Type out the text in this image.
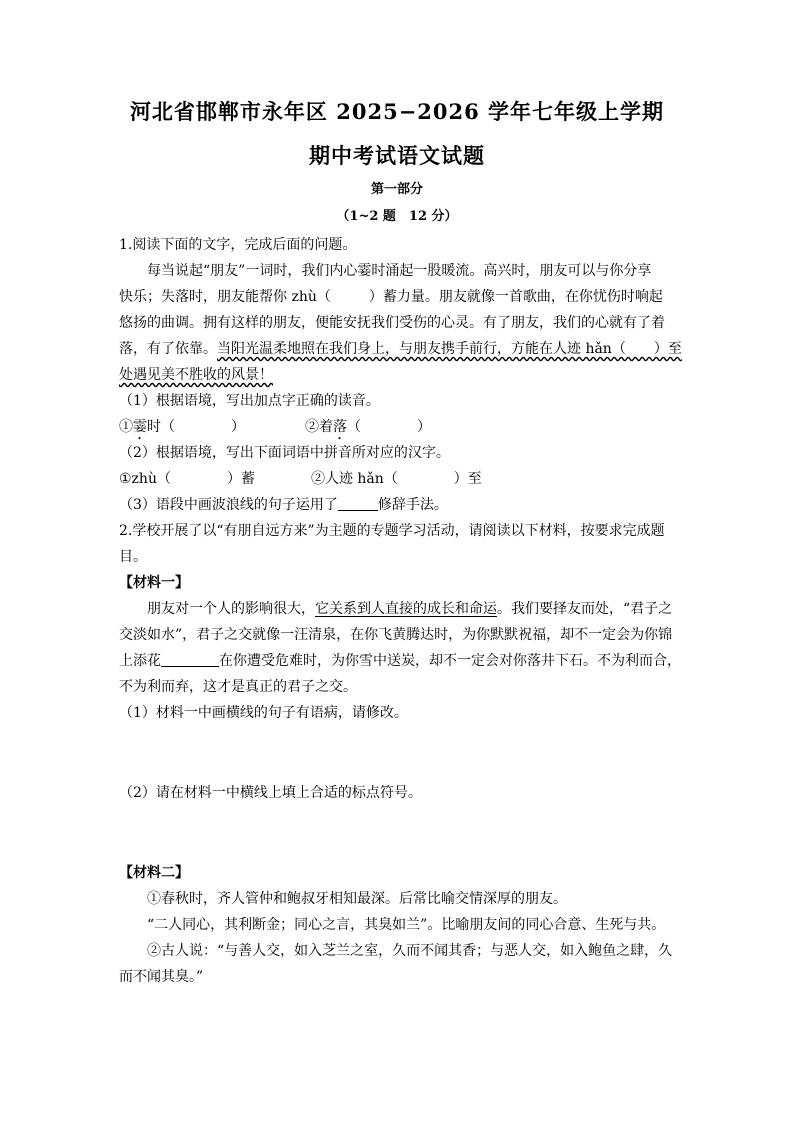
河北省邯郸市永年区 2025−2026 学年七年级上学期
期中考试语文试题
第一部分
（1~2 题　12 分）
1.阅读下面的文字，完成后面的问题。
每当说起“朋友”一词时，我们内心霎时涌起一股暖流。高兴时，朋友可以与你分享
快乐；失落时，朋友能帮你 zhù（	）蓄力量。朋友就像一首歌曲，在你忧伤时响起
悠扬的曲调。拥有这样的朋友，便能安抚我们受伤的心灵。有了朋友，我们的心就有了着
落，有了依靠。当阳光温柔地照在我们身上，与朋友携手前行，方能在人迹 hǎn（　　）至
处遇见美不胜收的风景！
（1）根据语境，写出加点字正确的读音。
①霎时（　　　　）	②着落（　　　　）
（2）根据语境，写出下面词语中拼音所对应的汉字。
①zhù（　　　　）蓄	②人迹 hǎn（　　　　）至
（3）语段中画波浪线的句子运用了	修辞手法。
2.学校开展了以“有朋自远方来”为主题的专题学习活动，请阅读以下材料，按要求完成题
目。
【材料一】
朋友对一个人的影响很大，它关系到人直接的成长和命运。我们要择友而处，“君子之
交淡如水”，君子之交就像一汪清泉，在你飞黄腾达时，为你默默祝福，却不一定会为你锦
上添花	在你遭受危难时，为你雪中送炭，却不一定会对你落井下石。不为利而合，
不为利而弃，这才是真正的君子之交。
（1）材料一中画横线的句子有语病，请修改。
（2）请在材料一中横线上填上合适的标点符号。
【材料二】
①春秋时，齐人管仲和鲍叔牙相知最深。后常比喻交情深厚的朋友。
“二人同心，其利断金；同心之言，其臭如兰”。比喻朋友间的同心合意、生死与共。
②古人说：“与善人交，如入芝兰之室，久而不闻其香；与恶人交，如入鲍鱼之肆，久
而不闻其臭。”
